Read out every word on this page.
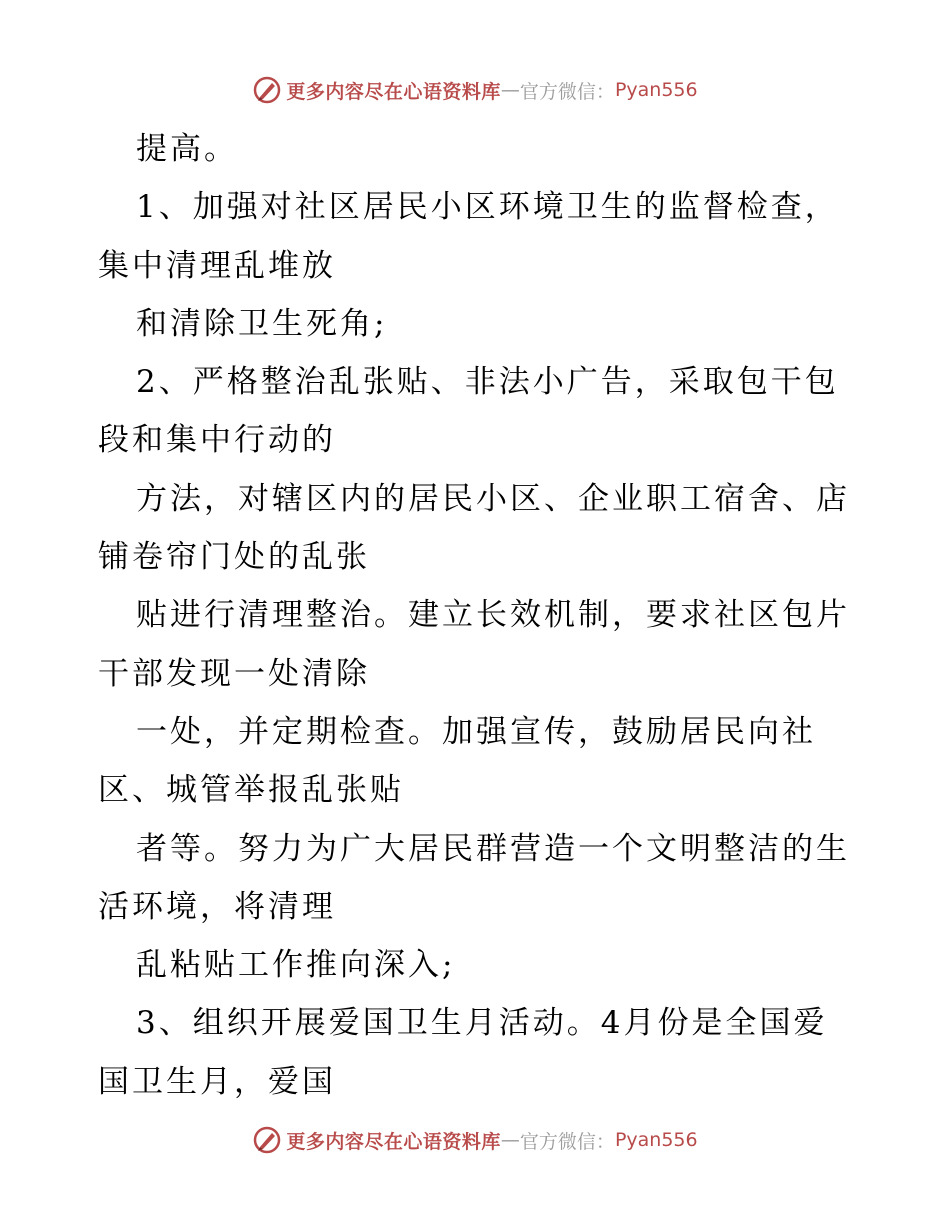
更多内容尽在心语资料库 — 官方微信： Pyan556
提高。
1、加强对社区居民小区环境卫生的监督检查，
集中清理乱堆放
和清除卫生死角;
2、严格整治乱张贴、非法小广告，采取包干包
段和集中行动的
方法，对辖区内的居民小区、企业职工宿舍、店
铺卷帘门处的乱张
贴进行清理整治。建立长效机制，要求社区包片
干部发现一处清除
一处，并定期检查。加强宣传，鼓励居民向社
区、城管举报乱张贴
者等。努力为广大居民群营造一个文明整洁的生
活环境，将清理
乱粘贴工作推向深入;
3、组织开展爱国卫生月活动。4月份是全国爱
国卫生月，爱国
更多内容尽在心语资料库 — 官方微信： Pyan556
